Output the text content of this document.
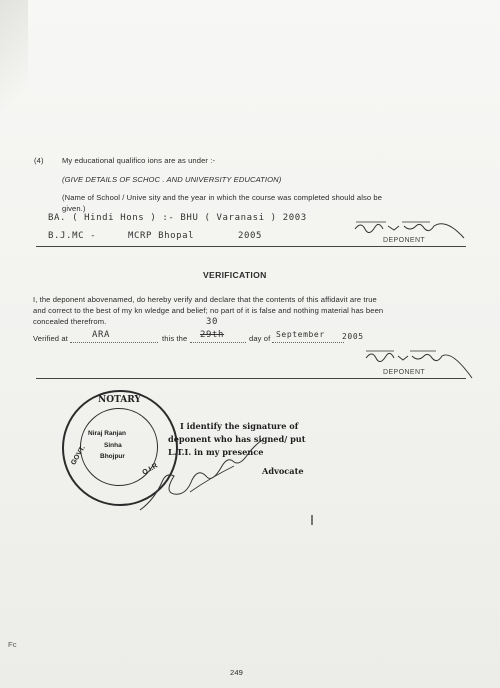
(4) My educational qualifico ions are as under :-
(GIVE DETAILS OF SCHOC . AND UNIVERSITY EDUCATION)
(Name of School / Unive sity and the year in which the course was completed should also be
given.)
BA. ( Hindi Hons ) :- BHU ( Varanasi ) 2003
B.J.MC -	MCRP Bhopal	2005	DEPONENT
VERIFICATION
I, the deponent abovenamed, do hereby verify and declare that the contents of this affidavit are true
and correct to the best of my kn wledge and belief; no part of it is false and nothing material has been
concealed therefrom.
Verified at	ARA	this the
30
29th	day of September 2005
DEPONENT
NOTARY
Niraj Ranjan
Sinha
Bhojpur
GOVT.
O.I.R
I identify the signature of
deponent who has signed/ put
L.T.I. in my presence
Advocate
249
Fc
